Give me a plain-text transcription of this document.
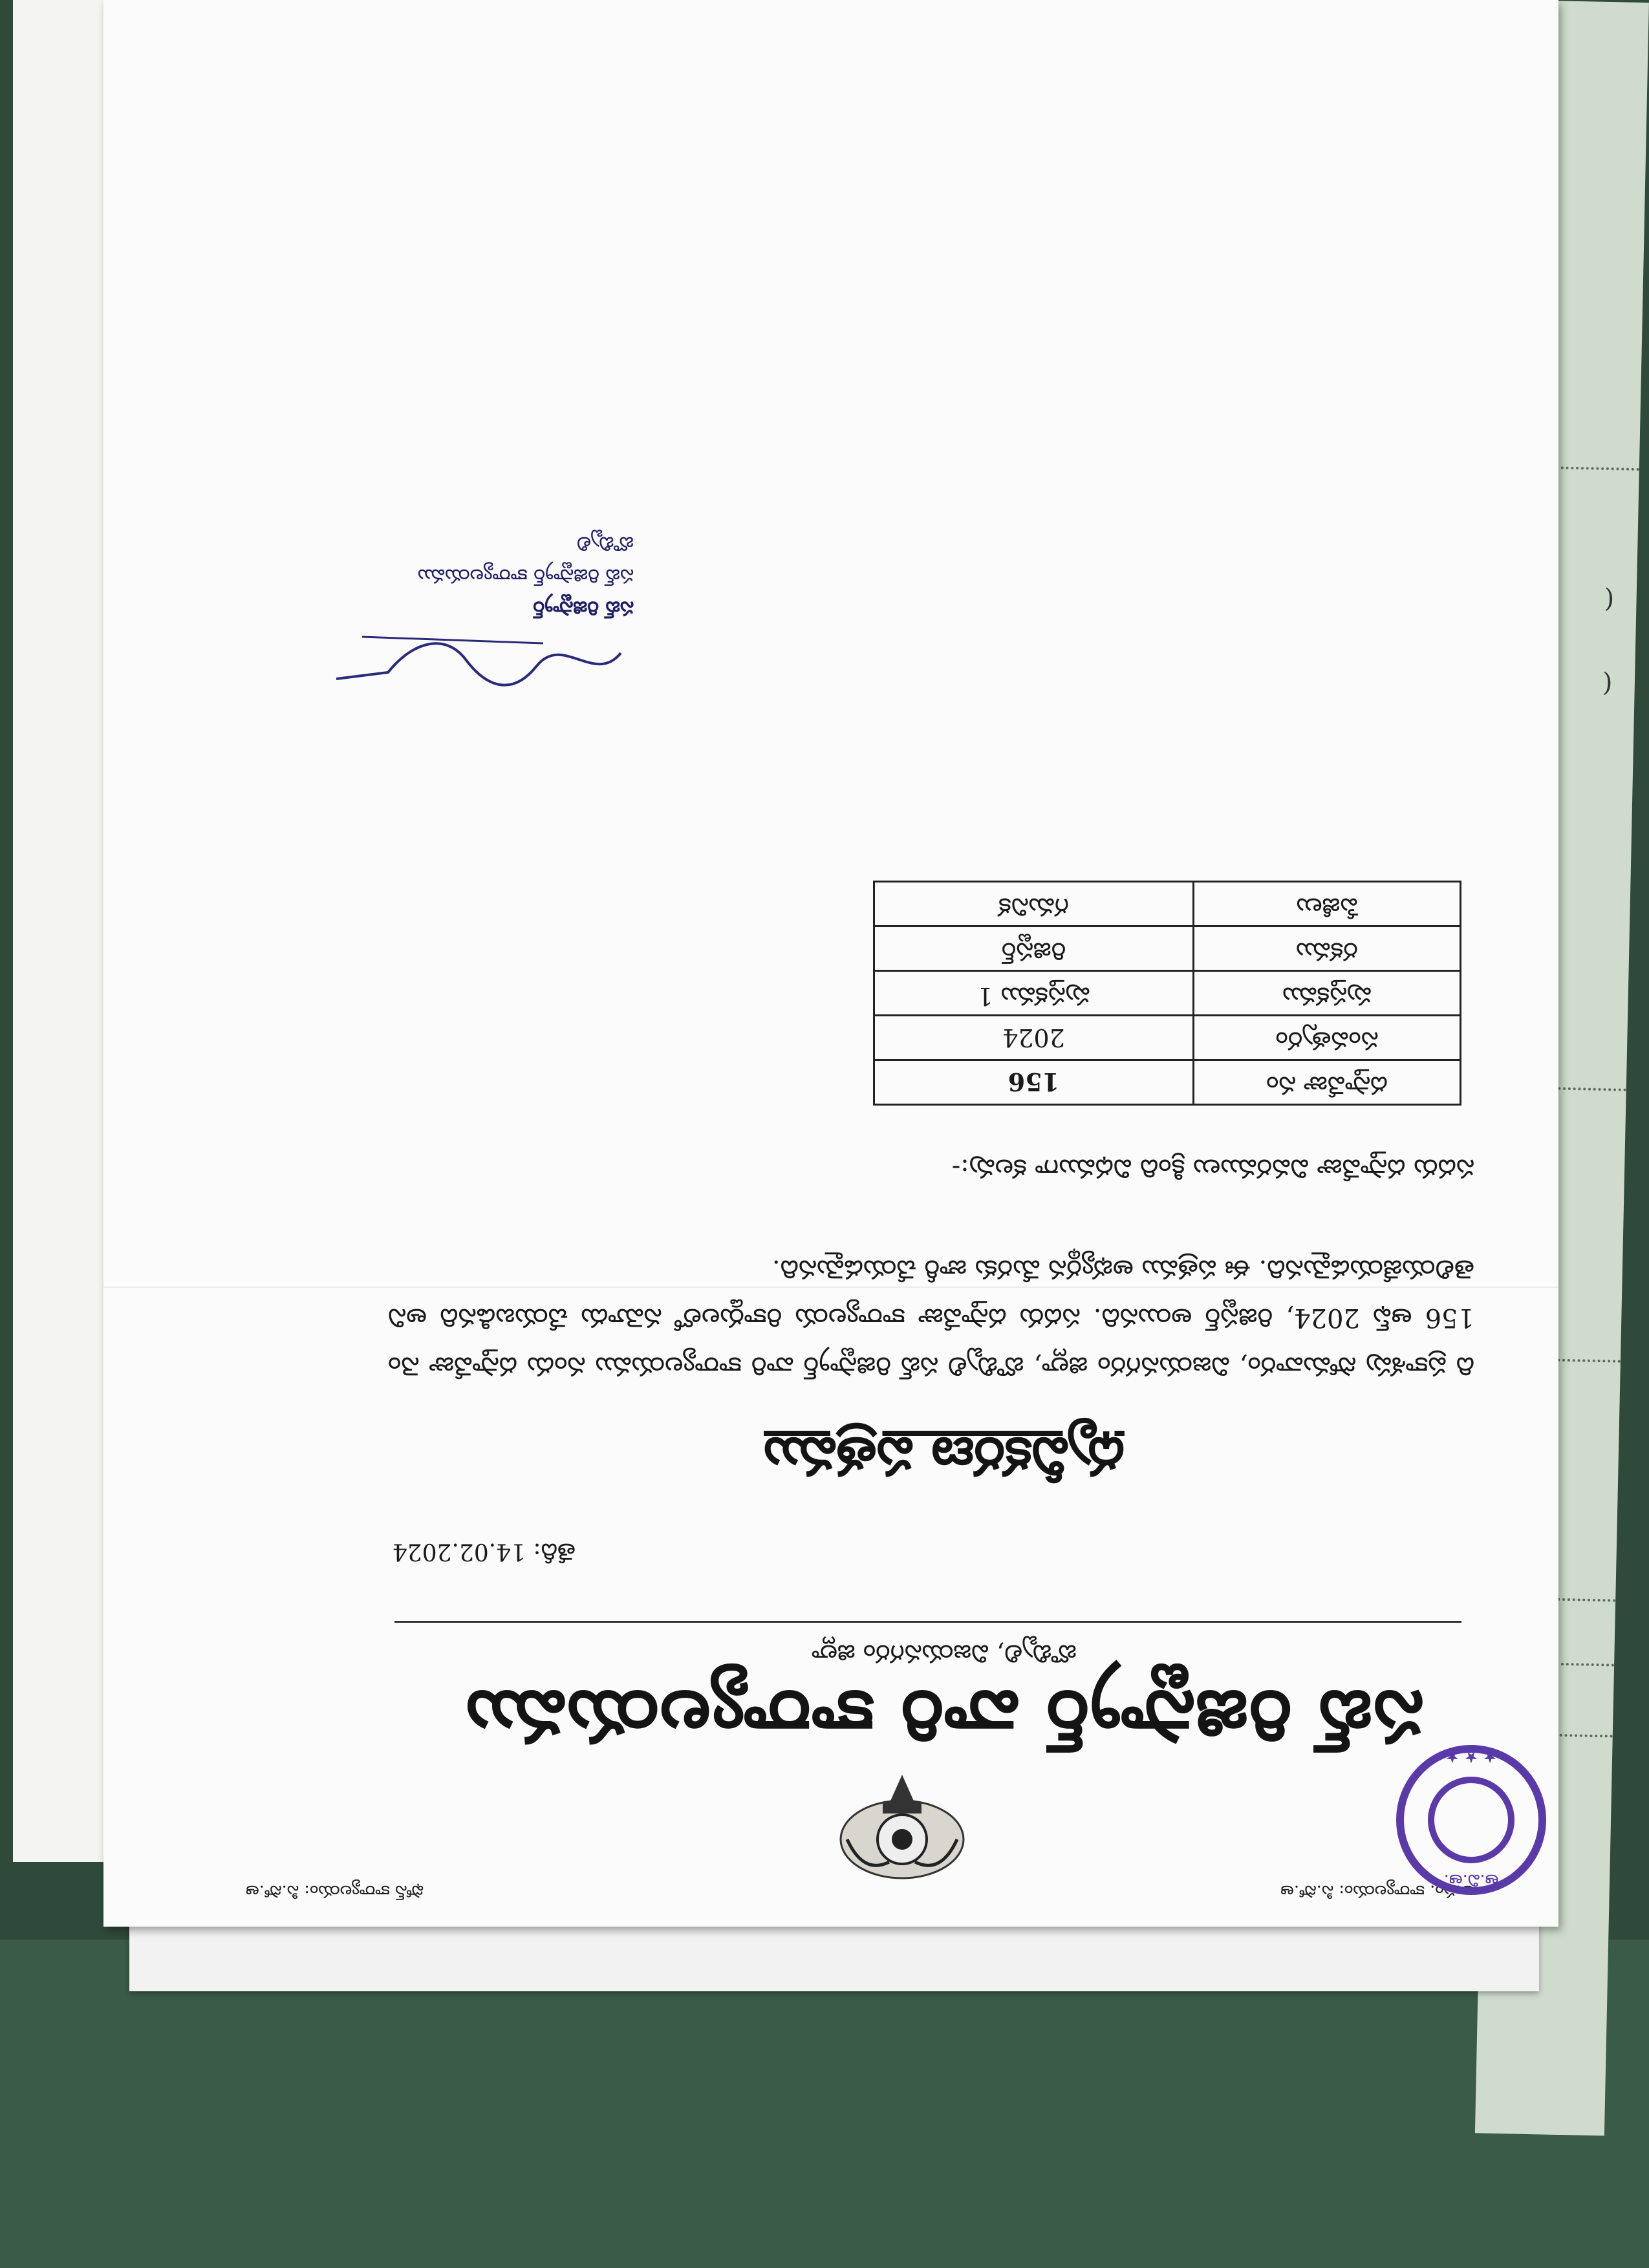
)
)
అ.సం. కార్యాలయం: సి.సో.ఆ
ఫోన్ కార్యాలయం: సి.సో.ఆ
ఆ.వి.ఆ.
★ ★ ★
సబ్ రిజిస్ట్రార్ వారి కార్యాలయము
బొబ్బిలి, విజయనగరం జిల్లా
తేదీ: 14.02.2024
ధృవీకరణ పత్రము
ది ప్రకాశపు సోమవారం, విజయనగరం జిల్లా, బొబ్బిలి సబ్ రిజిస్ట్రార్ వారి కార్యాలయము నందు దస్తావేజు నెం 156 ఆఫ్ 2024, రిజిస్టర్ అయినది. సదరు దస్తావేజు కార్యాలయ రికార్డులలో నమోదు చేయబడినది అని తెలియజేయడమైనది. ఈ పత్రము అభ్యర్థన మేరకు జారీ చేయడమైనది.
సదరు దస్తావేజు వివరములు క్రింది విధముగా కలవు:-
దస్తావేజు నం	156
సంవత్సరం	2024
పుస్తకము	పుస్తకము 1
రకము	రిజిస్టర్
పేజీలు	గమనిక
సబ్ రిజిస్ట్రార్
సబ్ రిజిస్ట్రార్ కార్యాలయము
బొబ్బిలి
